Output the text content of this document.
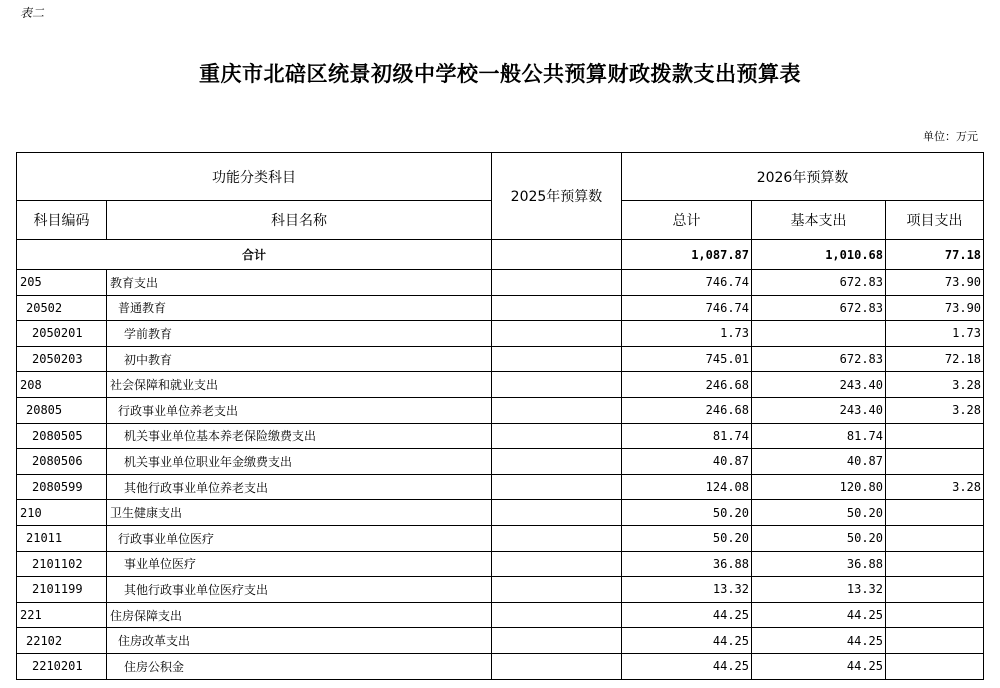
表二
重庆市北碚区统景初级中学校一般公共预算财政拨款支出预算表
单位：万元
功能分类科目		2025年预算数	2026年预算数		
科目编码	科目名称		总计	基本支出	项目支出
合计			1,087.87	1,010.68	77.18
205	教育支出		746.74	672.83	73.90
20502	普通教育		746.74	672.83	73.90
2050201	学前教育		1.73		1.73
2050203	初中教育		745.01	672.83	72.18
208	社会保障和就业支出		246.68	243.40	3.28
20805	行政事业单位养老支出		246.68	243.40	3.28
2080505	机关事业单位基本养老保险缴费支出		81.74	81.74	
2080506	机关事业单位职业年金缴费支出		40.87	40.87	
2080599	其他行政事业单位养老支出		124.08	120.80	3.28
210	卫生健康支出		50.20	50.20	
21011	行政事业单位医疗		50.20	50.20	
2101102	事业单位医疗		36.88	36.88	
2101199	其他行政事业单位医疗支出		13.32	13.32	
221	住房保障支出		44.25	44.25	
22102	住房改革支出		44.25	44.25	
2210201	住房公积金		44.25	44.25	
